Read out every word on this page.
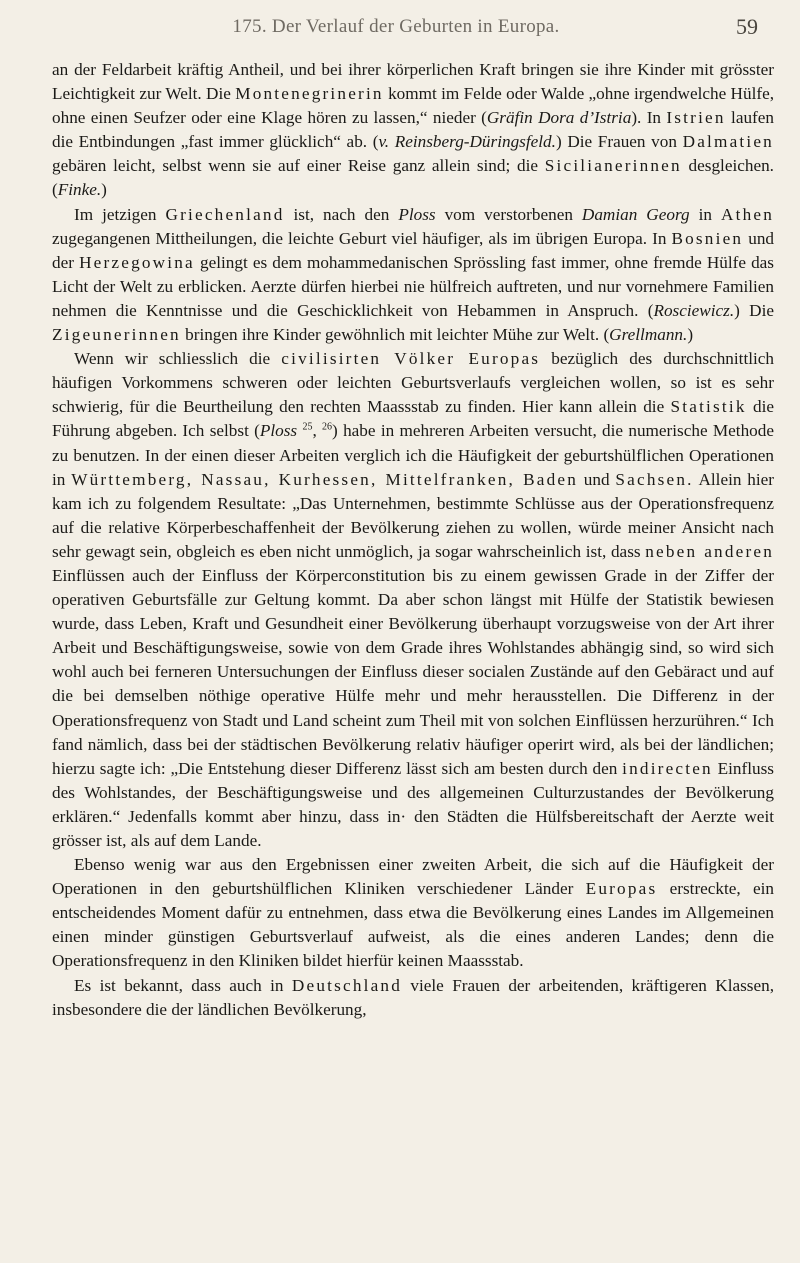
175. Der Verlauf der Geburten in Europa.	59

an der Feldarbeit kräftig Antheil, und bei ihrer körperlichen Kraft bringen sie ihre Kinder mit grösster Leichtigkeit zur Welt. Die Montenegrinerin kommt im Felde oder Walde „ohne irgendwelche Hülfe, ohne einen Seufzer oder eine Klage hören zu lassen,“ nieder (Gräfin Dora d’Istria). In Istrien laufen die Entbindungen „fast immer glücklich“ ab. (v. Reinsberg-Düringsfeld.) Die Frauen von Dalmatien gebären leicht, selbst wenn sie auf einer Reise ganz allein sind; die Sicilianerinnen desgleichen. (Finke.)

Im jetzigen Griechenland ist, nach den Ploss vom verstorbenen Damian Georg in Athen zugegangenen Mittheilungen, die leichte Geburt viel häufiger, als im übrigen Europa. In Bosnien und der Herzegowina gelingt es dem mohammedanischen Sprössling fast immer, ohne fremde Hülfe das Licht der Welt zu erblicken. Aerzte dürfen hierbei nie hülfreich auftreten, und nur vornehmere Familien nehmen die Kenntnisse und die Geschicklichkeit von Hebammen in Anspruch. (Rosciewicz.) Die Zigeunerinnen bringen ihre Kinder gewöhnlich mit leichter Mühe zur Welt. (Grellmann.)

Wenn wir schliesslich die civilisirten Völker Europas bezüglich des durchschnittlich häufigen Vorkommens schweren oder leichten Geburtsverlaufs vergleichen wollen, so ist es sehr schwierig, für die Beurtheilung den rechten Maassstab zu finden. Hier kann allein die Statistik die Führung abgeben. Ich selbst (Ploss $^{25}$, $^{26}$) habe in mehreren Arbeiten versucht, die numerische Methode zu benutzen. In der einen dieser Arbeiten verglich ich die Häufigkeit der geburtshülflichen Operationen in Württemberg, Nassau, Kurhessen, Mittelfranken, Baden und Sachsen. Allein hier kam ich zu folgendem Resultate: „Das Unternehmen, bestimmte Schlüsse aus der Operationsfrequenz auf die relative Körperbeschaffenheit der Bevölkerung ziehen zu wollen, würde meiner Ansicht nach sehr gewagt sein, obgleich es eben nicht unmöglich, ja sogar wahrscheinlich ist, dass neben anderen Einflüssen auch der Einfluss der Körperconstitution bis zu einem gewissen Grade in der Ziffer der operativen Geburtsfälle zur Geltung kommt. Da aber schon längst mit Hülfe der Statistik bewiesen wurde, dass Leben, Kraft und Gesundheit einer Bevölkerung überhaupt vorzugsweise von der Art ihrer Arbeit und Beschäftigungsweise, sowie von dem Grade ihres Wohlstandes abhängig sind, so wird sich wohl auch bei ferneren Untersuchungen der Einfluss dieser socialen Zustände auf den Gebäract und auf die bei demselben nöthige operative Hülfe mehr und mehr herausstellen. Die Differenz in der Operationsfrequenz von Stadt und Land scheint zum Theil mit von solchen Einflüssen herzurühren.“ Ich fand nämlich, dass bei der städtischen Bevölkerung relativ häufiger operirt wird, als bei der ländlichen; hierzu sagte ich: „Die Entstehung dieser Differenz lässt sich am besten durch den indirecten Einfluss des Wohlstandes, der Beschäftigungsweise und des allgemeinen Culturzustandes der Bevölkerung erklären.“ Jedenfalls kommt aber hinzu, dass in· den Städten die Hülfsbereitschaft der Aerzte weit grösser ist, als auf dem Lande.

Ebenso wenig war aus den Ergebnissen einer zweiten Arbeit, die sich auf die Häufigkeit der Operationen in den geburtshülflichen Kliniken verschiedener Länder Europas erstreckte, ein entscheidendes Moment dafür zu entnehmen, dass etwa die Bevölkerung eines Landes im Allgemeinen einen minder günstigen Geburtsverlauf aufweist, als die eines anderen Landes; denn die Operationsfrequenz in den Kliniken bildet hierfür keinen Maassstab.

Es ist bekannt, dass auch in Deutschland viele Frauen der arbeitenden, kräftigeren Klassen, insbesondere die der ländlichen Bevölkerung,
